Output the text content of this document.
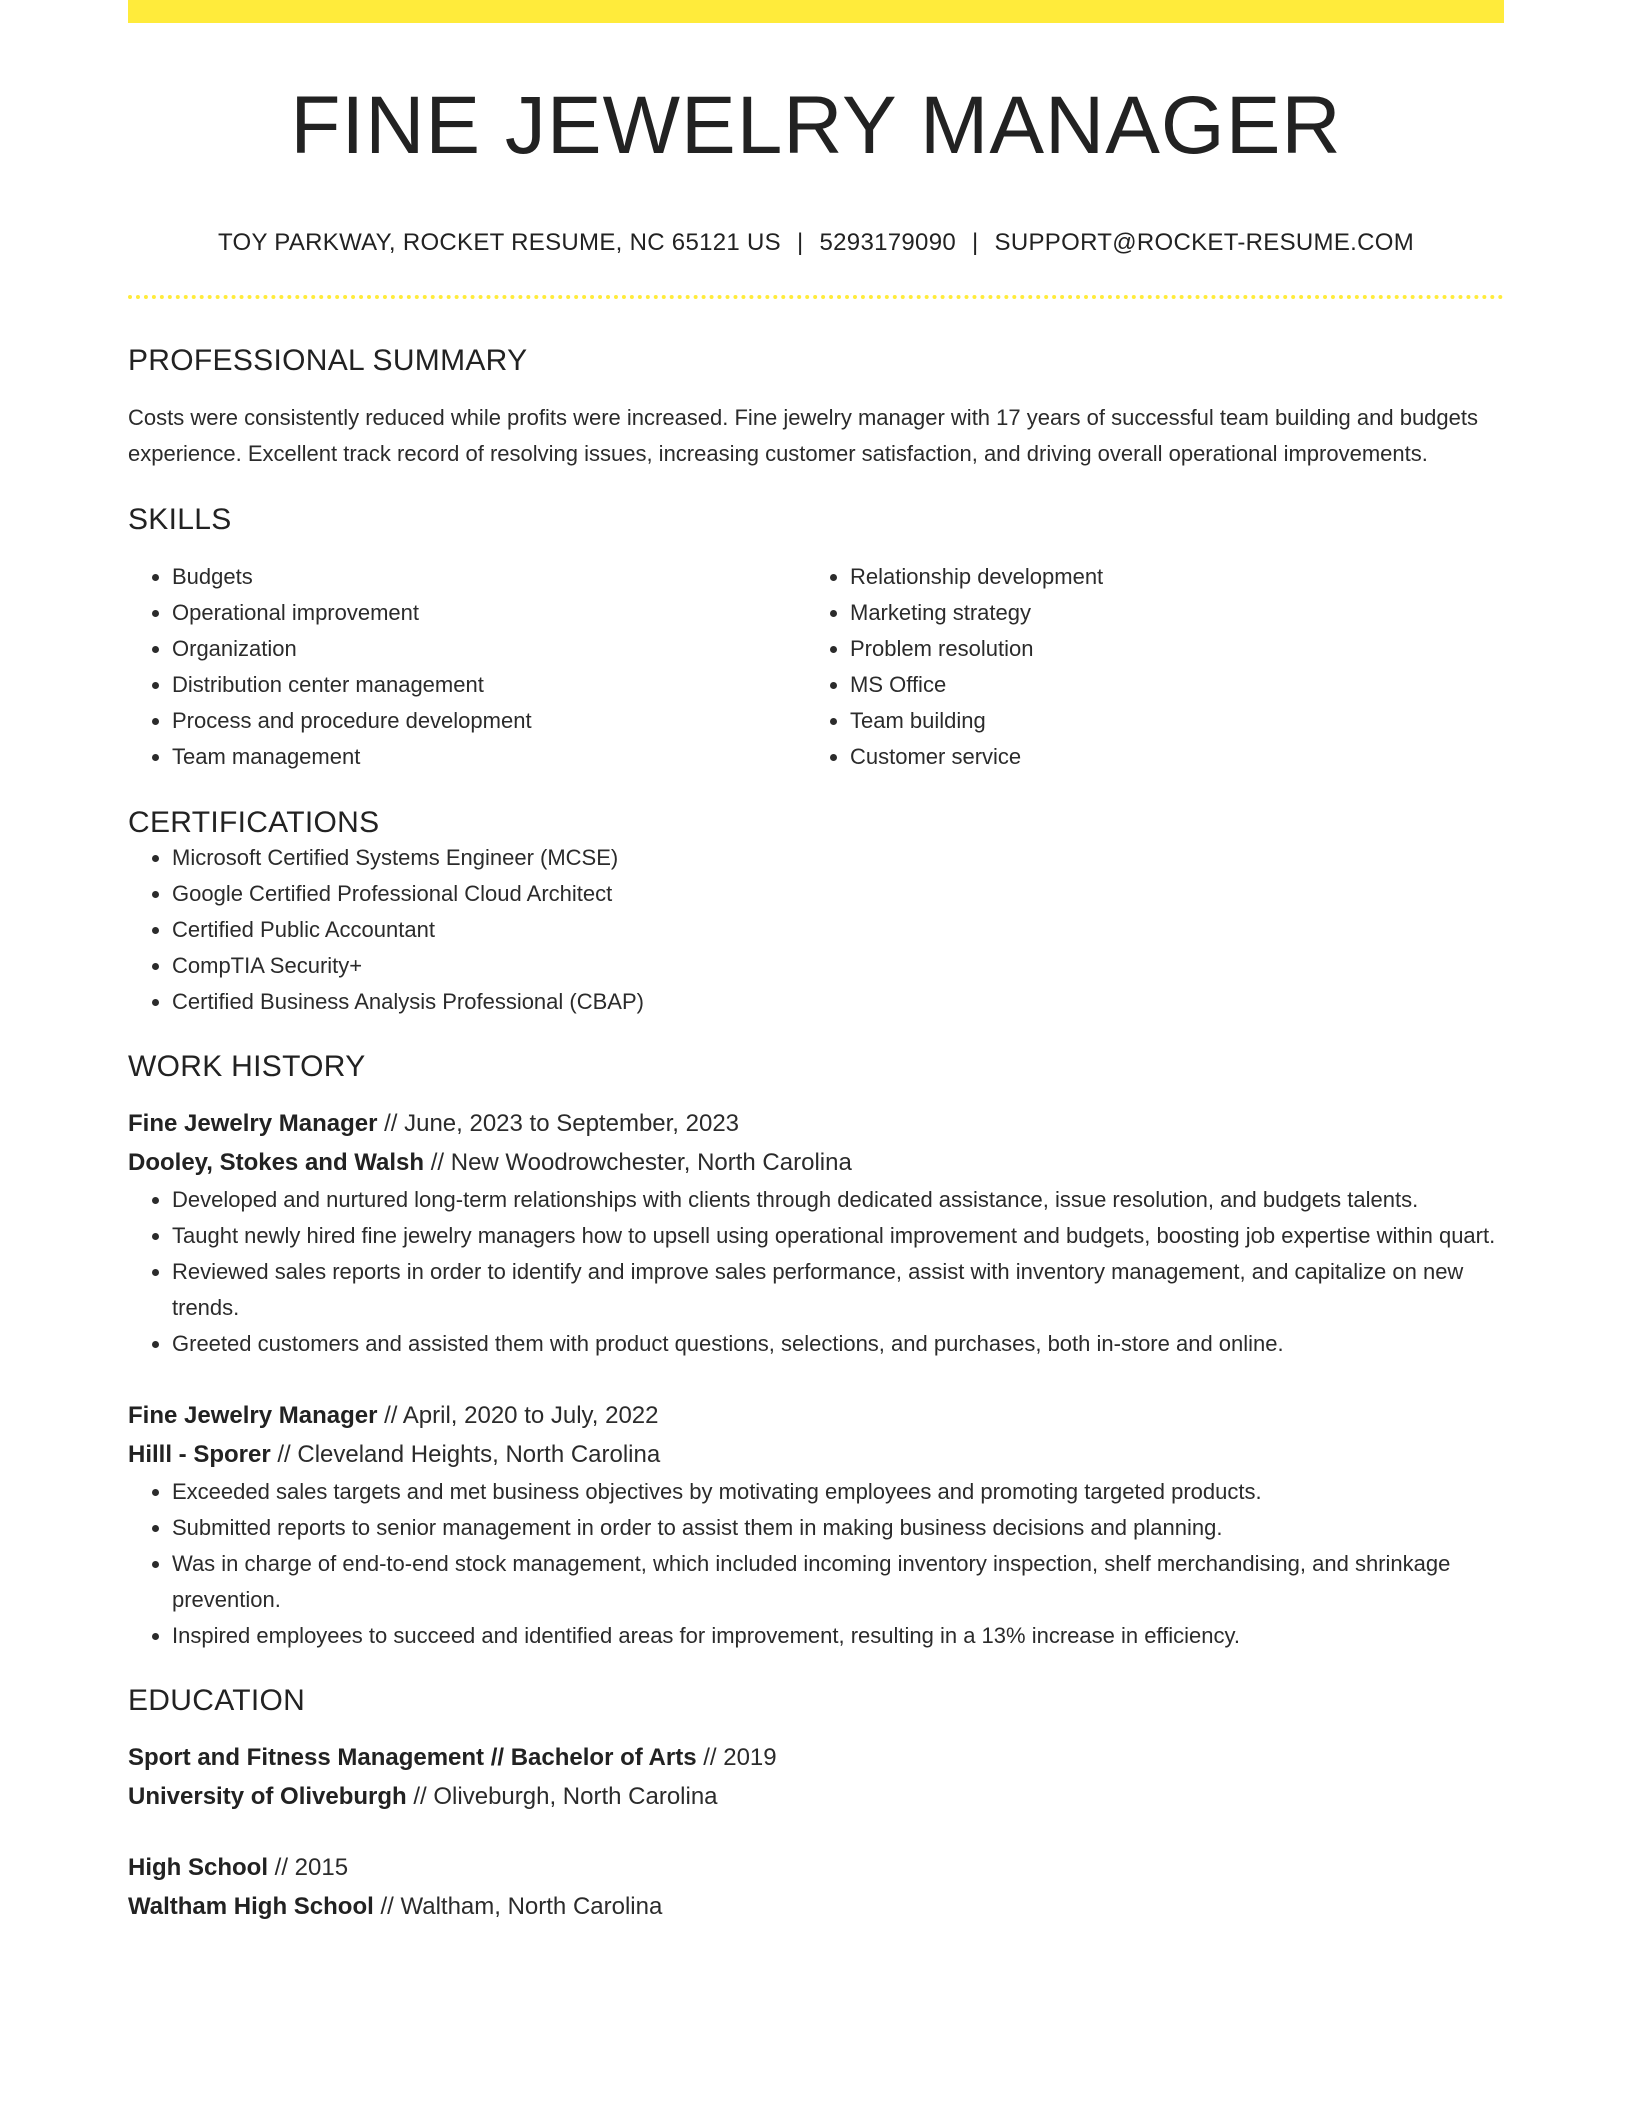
FINE JEWELRY MANAGER
TOY PARKWAY, ROCKET RESUME, NC 65121 US | 5293179090 | SUPPORT@ROCKET-RESUME.COM
PROFESSIONAL SUMMARY
Costs were consistently reduced while profits were increased. Fine jewelry manager with 17 years of successful team building and budgets experience. Excellent track record of resolving issues, increasing customer satisfaction, and driving overall operational improvements.
SKILLS
• Budgets
• Operational improvement
• Organization
• Distribution center management
• Process and procedure development
• Team management
• Relationship development
• Marketing strategy
• Problem resolution
• MS Office
• Team building
• Customer service
CERTIFICATIONS
• Microsoft Certified Systems Engineer (MCSE)
• Google Certified Professional Cloud Architect
• Certified Public Accountant
• CompTIA Security+
• Certified Business Analysis Professional (CBAP)
WORK HISTORY
Fine Jewelry Manager // June, 2023 to September, 2023
Dooley, Stokes and Walsh // New Woodrowchester, North Carolina
• Developed and nurtured long-term relationships with clients through dedicated assistance, issue resolution, and budgets talents.
• Taught newly hired fine jewelry managers how to upsell using operational improvement and budgets, boosting job expertise within quart.
• Reviewed sales reports in order to identify and improve sales performance, assist with inventory management, and capitalize on new trends.
• Greeted customers and assisted them with product questions, selections, and purchases, both in-store and online.
Fine Jewelry Manager // April, 2020 to July, 2022
Hilll - Sporer // Cleveland Heights, North Carolina
• Exceeded sales targets and met business objectives by motivating employees and promoting targeted products.
• Submitted reports to senior management in order to assist them in making business decisions and planning.
• Was in charge of end-to-end stock management, which included incoming inventory inspection, shelf merchandising, and shrinkage prevention.
• Inspired employees to succeed and identified areas for improvement, resulting in a 13% increase in efficiency.
EDUCATION
Sport and Fitness Management // Bachelor of Arts // 2019
University of Oliveburgh // Oliveburgh, North Carolina
High School // 2015
Waltham High School // Waltham, North Carolina
